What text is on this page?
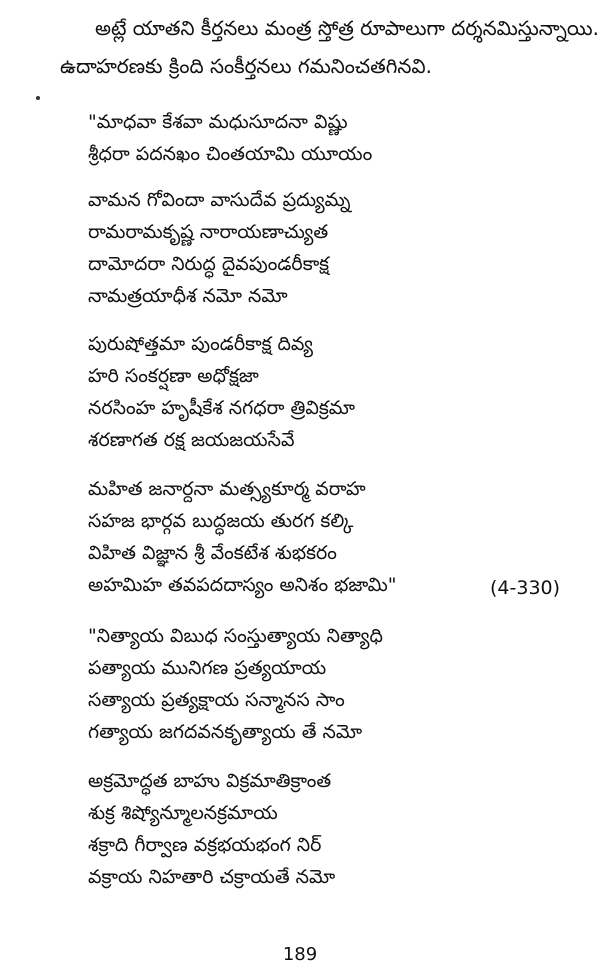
అట్లే యాతని కీర్తనలు మంత్ర స్తోత్ర రూపాలుగా దర్శనమిస్తున్నాయి.
ఉదాహరణకు క్రింది సంకీర్తనలు గమనించతగినవి.
"మాధవా కేశవా మధుసూదనా విష్ణు
శ్రీధరా పదనఖం చింతయామి యూయం
వామన గోవిందా వాసుదేవ ప్రద్యుమ్న
రామరామకృష్ణ నారాయణాచ్యుత
దామోదరా నిరుద్ధ దైవపుండరీకాక్ష
నామత్రయాధీశ నమో నమో
పురుషోత్తమా పుండరీకాక్ష దివ్య
హరి సంకర్షణా అధోక్షజా
నరసింహ హృషీకేశ నగధరా త్రివిక్రమా
శరణాగత రక్ష జయజయసేవే
మహిత జనార్దనా మత్స్యకూర్మ వరాహ
సహజ భార్గవ బుద్ధజయ తురగ కల్కి
విహిత విజ్ఞాన శ్రీ వేంకటేశ శుభకరం
అహమిహ తవపదదాస్యం అనిశం భజామి"	(4-330)
"నిత్యాయ విబుధ సంస్తుత్యాయ నిత్యాధి
పత్యాయ మునిగణ ప్రత్యయాయ
సత్యాయ ప్రత్యక్షాయ సన్మానస సాం
గత్యాయ జగదవనకృత్యాయ తే నమో
అక్రమోద్ధత బాహు విక్రమాతిక్రాంత
శుక్ర శిష్యోన్మూలనక్రమాయ
శక్రాది గీర్వాణ వక్రభయభంగ నిర్
వక్రాయ నిహతారి చక్రాయతే నమో
189
